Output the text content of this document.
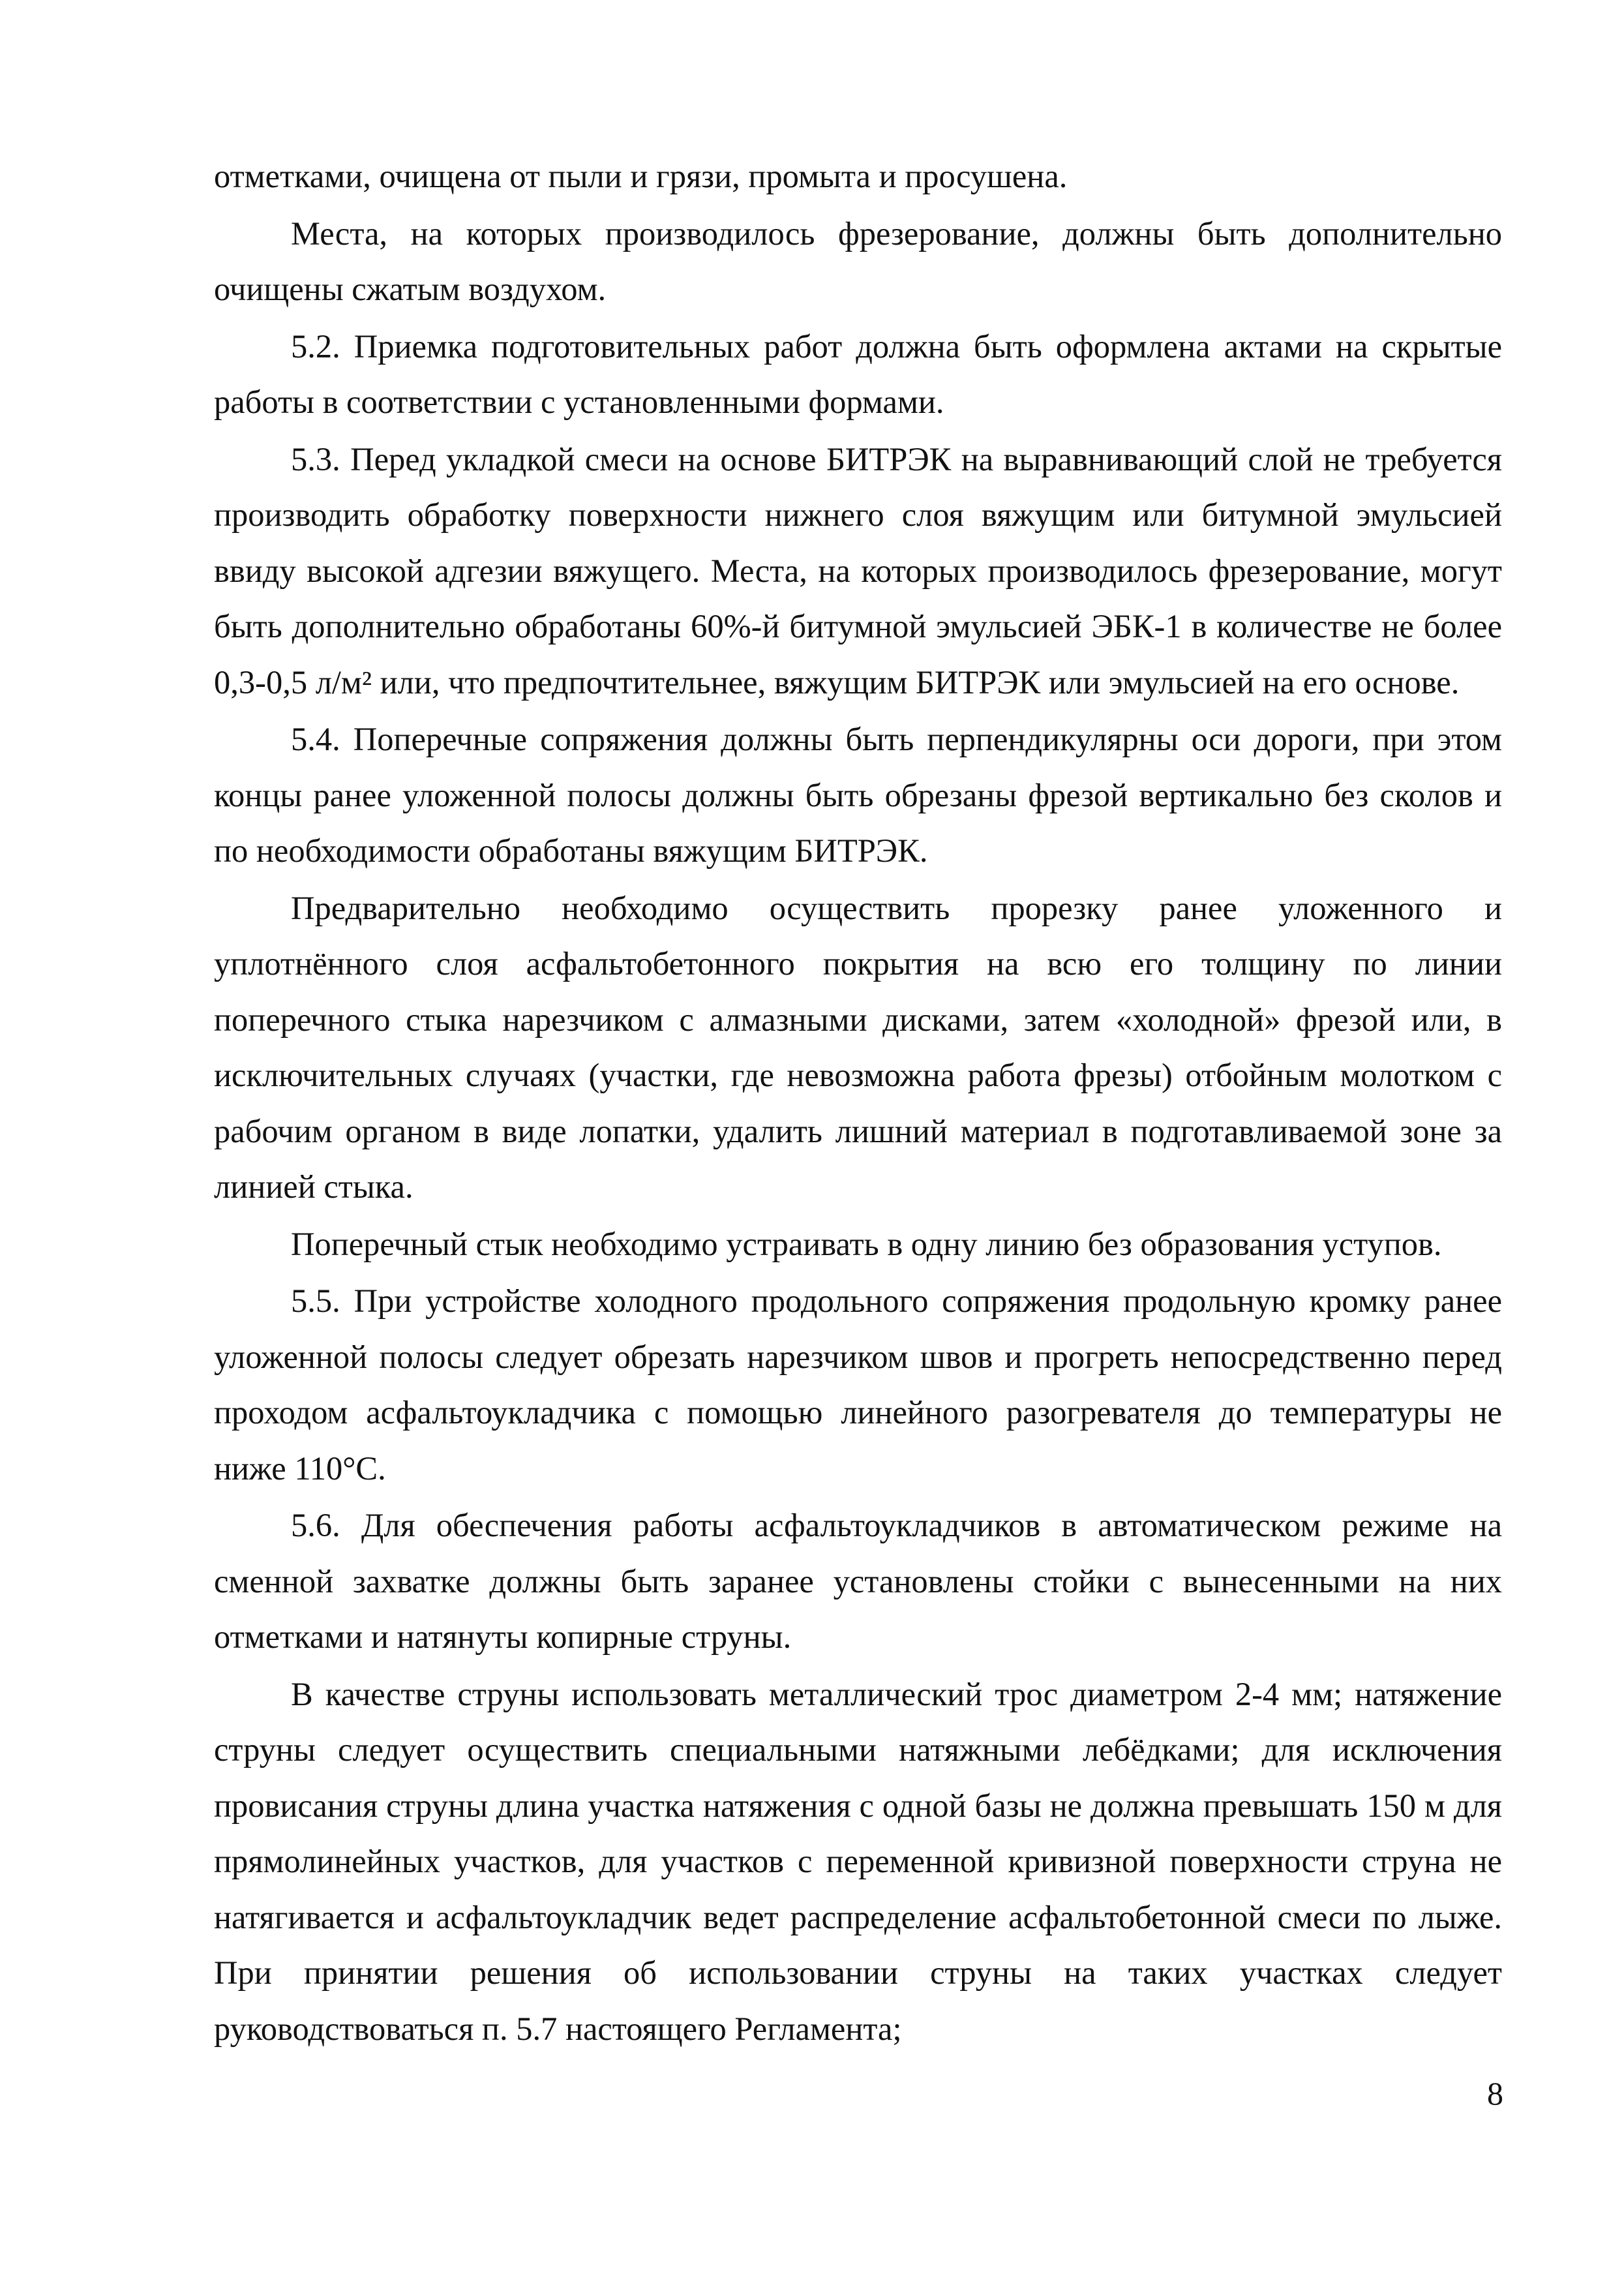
отметками, очищена от пыли и грязи, промыта и просушена.

Места, на которых производилось фрезерование, должны быть дополнительно очищены сжатым воздухом.

5.2. Приемка подготовительных работ должна быть оформлена актами на скрытые работы в соответствии с установленными формами.

5.3. Перед укладкой смеси на основе БИТРЭК на выравнивающий слой не требуется производить обработку поверхности нижнего слоя вяжущим или битумной эмульсией ввиду высокой адгезии вяжущего. Места, на которых производилось фрезерование, могут быть дополнительно обработаны 60%-й битумной эмульсией ЭБК-1 в количестве не более 0,3-0,5 л/м² или, что предпочтительнее, вяжущим БИТРЭК или эмульсией на его основе.

5.4. Поперечные сопряжения должны быть перпендикулярны оси дороги, при этом концы ранее уложенной полосы должны быть обрезаны фрезой вертикально без сколов и по необходимости обработаны вяжущим БИТРЭК.

Предварительно необходимо осуществить прорезку ранее уложенного и уплотнённого слоя асфальтобетонного покрытия на всю его толщину по линии поперечного стыка нарезчиком с алмазными дисками, затем «холодной» фрезой или, в исключительных случаях (участки, где невозможна работа фрезы) отбойным молотком с рабочим органом в виде лопатки, удалить лишний материал в подготавливаемой зоне за линией стыка.

Поперечный стык необходимо устраивать в одну линию без образования уступов.

5.5. При устройстве холодного продольного сопряжения продольную кромку ранее уложенной полосы следует обрезать нарезчиком швов и прогреть непосредственно перед проходом асфальтоукладчика с помощью линейного разогревателя до температуры не ниже 110°С.

5.6. Для обеспечения работы асфальтоукладчиков в автоматическом режиме на сменной захватке должны быть заранее установлены стойки с вынесенными на них отметками и натянуты копирные струны.

В качестве струны использовать металлический трос диаметром 2-4 мм; натяжение струны следует осуществить специальными натяжными лебёдками; для исключения провисания струны длина участка натяжения с одной базы не должна превышать 150 м для прямолинейных участков, для участков с переменной кривизной поверхности струна не натягивается и асфальтоукладчик ведет распределение асфальтобетонной смеси по лыже. При принятии решения об использовании струны на таких участках следует руководствоваться п. 5.7 настоящего Регламента;

8
